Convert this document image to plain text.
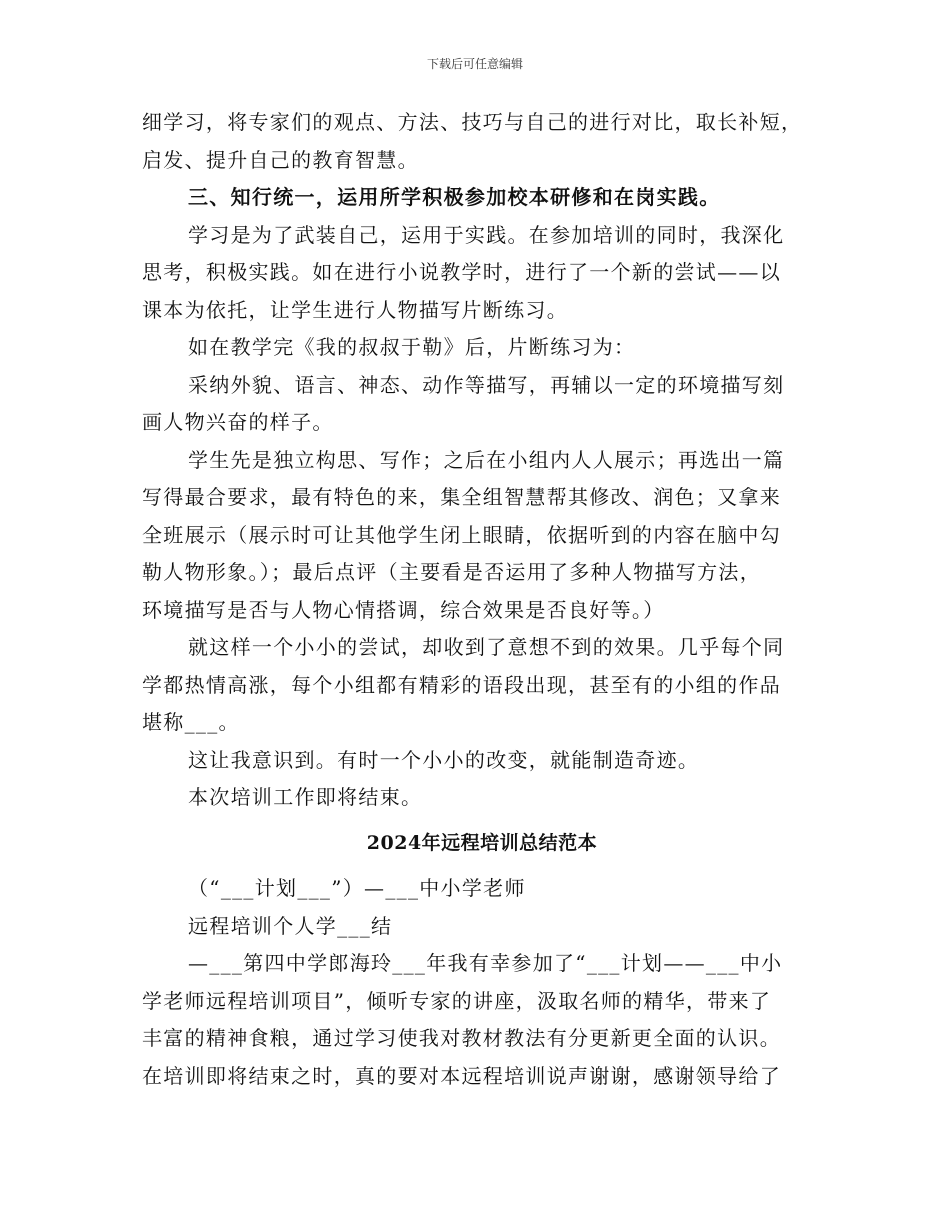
下载后可任意编辑
细学习，将专家们的观点、方法、技巧与自己的进行对比，取长补短，
启发、提升自己的教育智慧。
三、知行统一，运用所学积极参加校本研修和在岗实践。
学习是为了武装自己，运用于实践。在参加培训的同时，我深化
思考，积极实践。如在进行小说教学时，进行了一个新的尝试——以
课本为依托，让学生进行人物描写片断练习。
如在教学完《我的叔叔于勒》后，片断练习为：
采纳外貌、语言、神态、动作等描写，再辅以一定的环境描写刻
画人物兴奋的样子。
学生先是独立构思、写作；之后在小组内人人展示；再选出一篇
写得最合要求，最有特色的来，集全组智慧帮其修改、润色；又拿来
全班展示（展示时可让其他学生闭上眼睛，依据听到的内容在脑中勾
勒人物形象。）；最后点评（主要看是否运用了多种人物描写方法，
环境描写是否与人物心情搭调，综合效果是否良好等。）
就这样一个小小的尝试，却收到了意想不到的效果。几乎每个同
学都热情高涨，每个小组都有精彩的语段出现，甚至有的小组的作品
堪称___。
这让我意识到。有时一个小小的改变，就能制造奇迹。
本次培训工作即将结束。
2024年远程培训总结范本
（“___计划___”）—___中小学老师
远程培训个人学___结
—___第四中学郎海玲___年我有幸参加了“___计划——___中小
学老师远程培训项目”，倾听专家的讲座，汲取名师的精华，带来了
丰富的精神食粮，通过学习使我对教材教法有分更新更全面的认识。
在培训即将结束之时，真的要对本远程培训说声谢谢，感谢领导给了
